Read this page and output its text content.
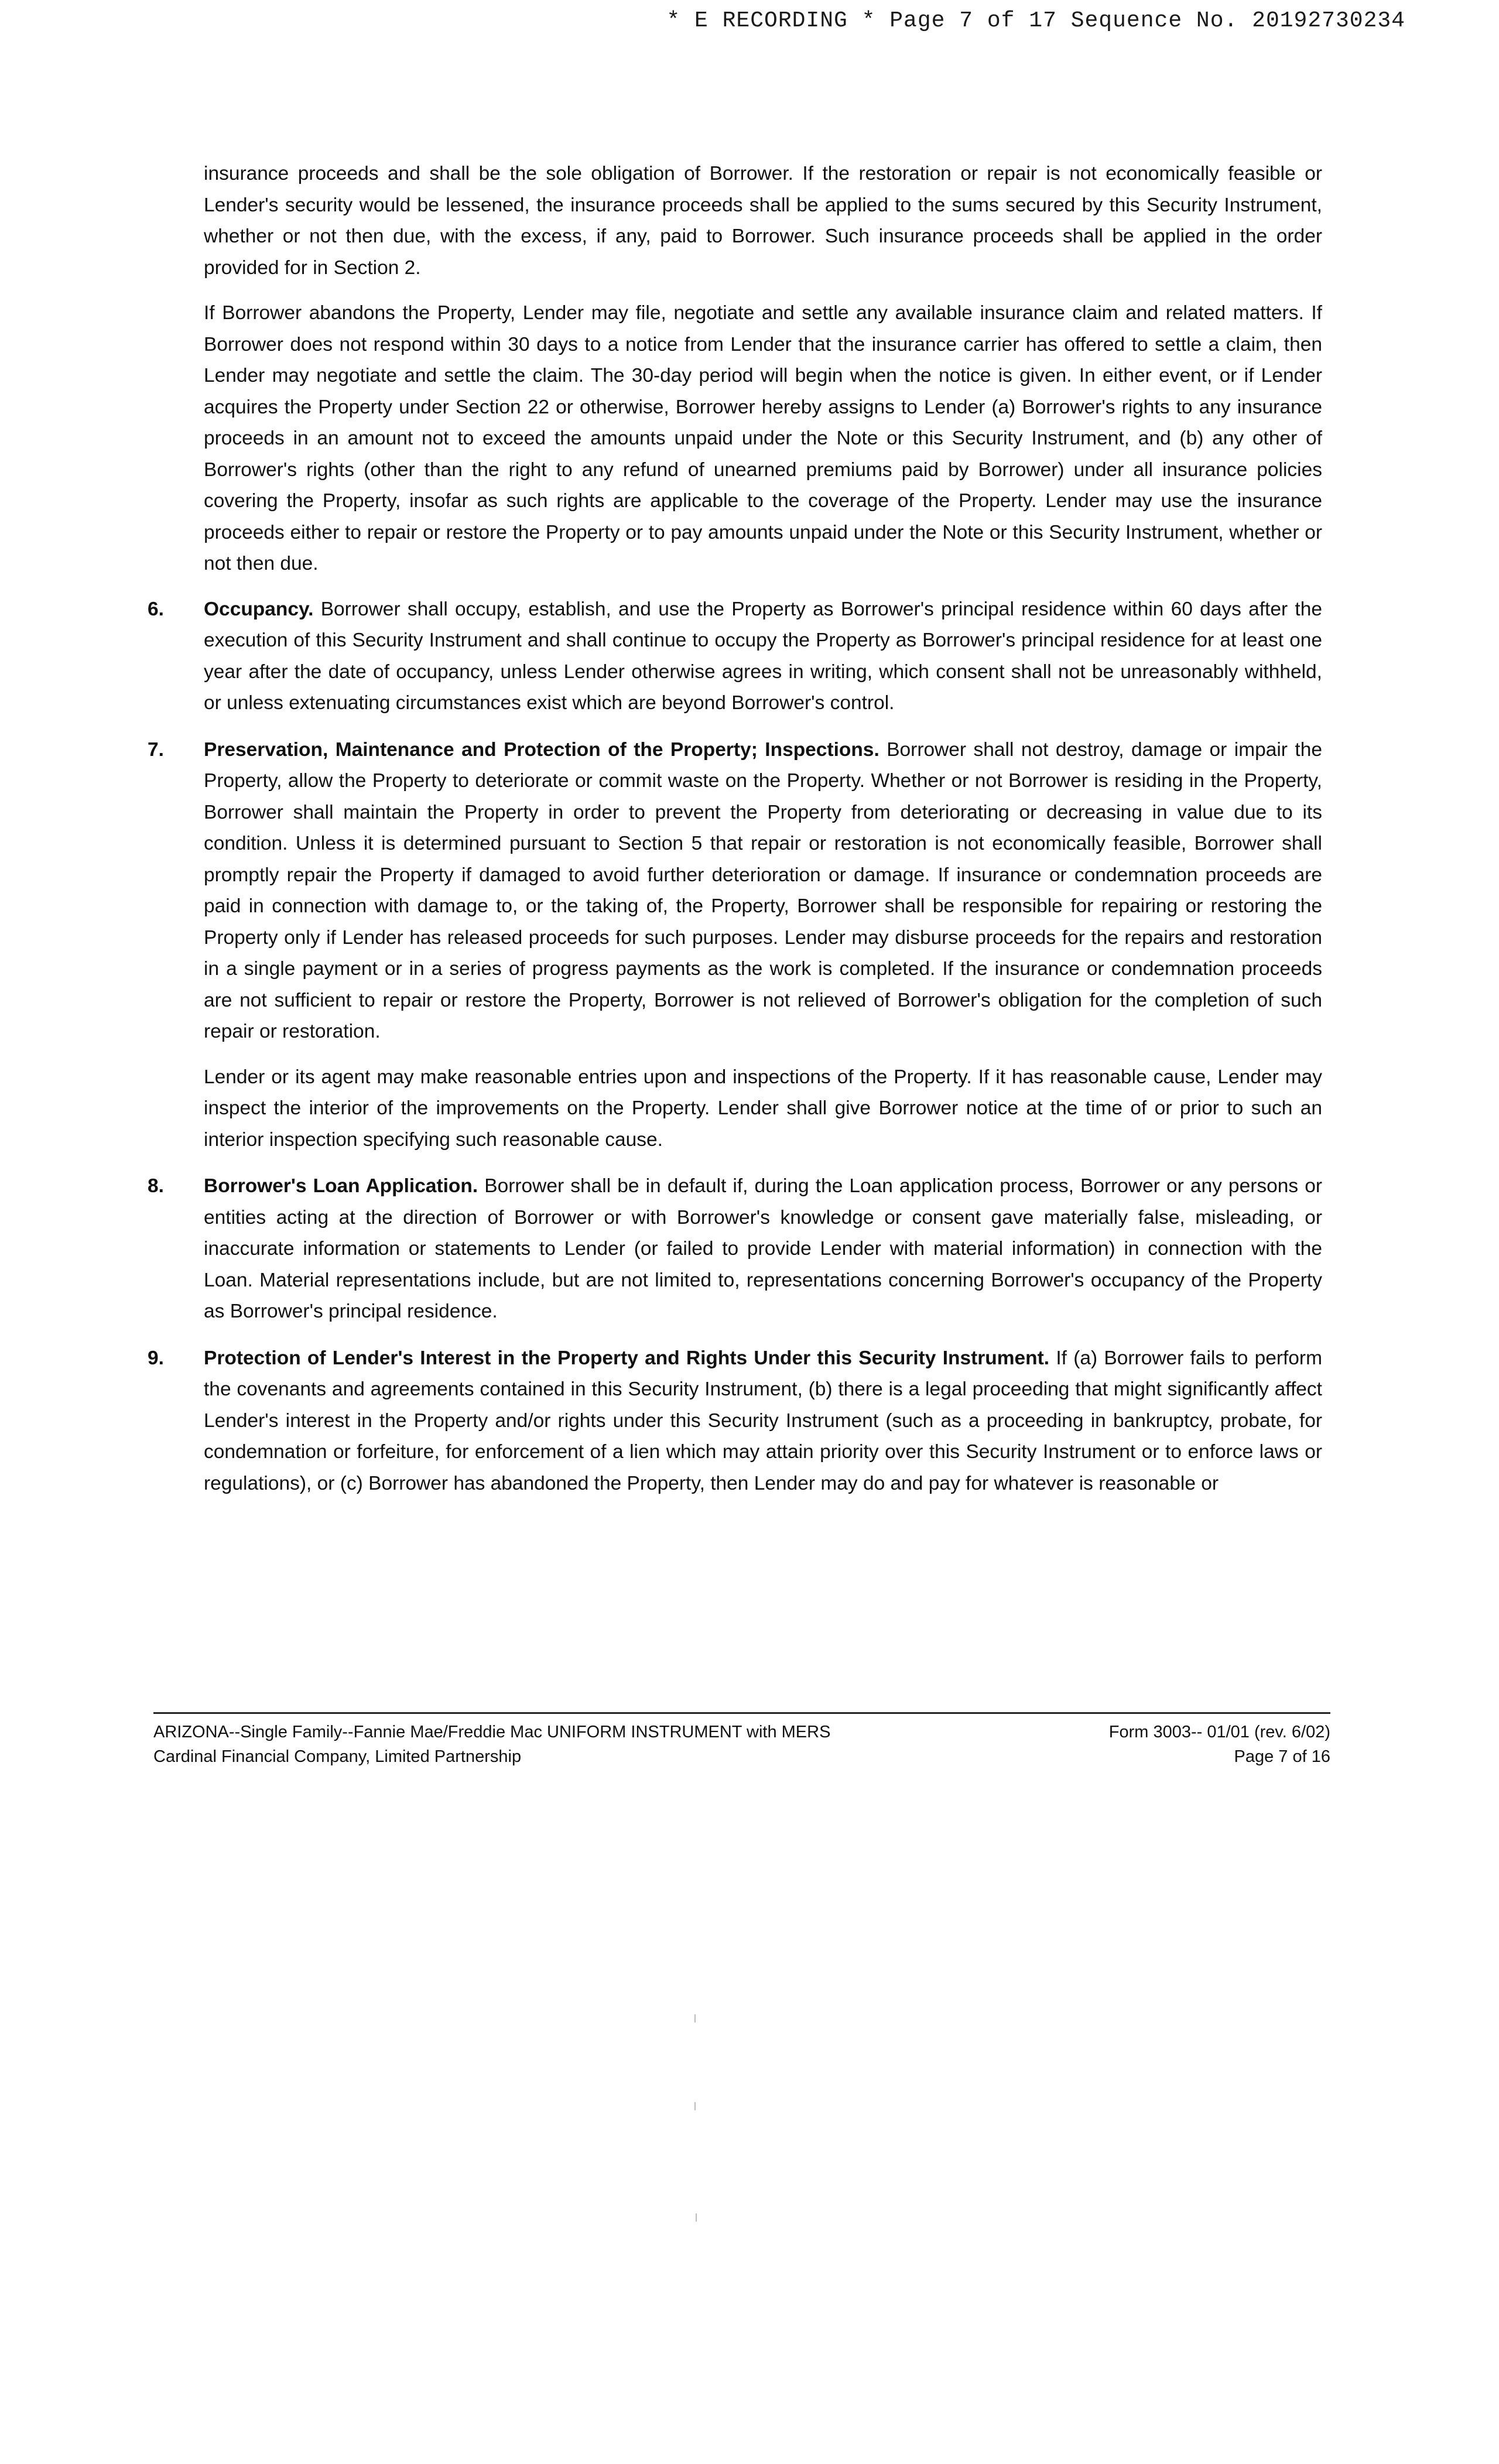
* E RECORDING * Page 7 of 17 Sequence No. 20192730234

insurance proceeds and shall be the sole obligation of Borrower. If the restoration or repair is not economically feasible or Lender's security would be lessened, the insurance proceeds shall be applied to the sums secured by this Security Instrument, whether or not then due, with the excess, if any, paid to Borrower. Such insurance proceeds shall be applied in the order provided for in Section 2.

If Borrower abandons the Property, Lender may file, negotiate and settle any available insurance claim and related matters. If Borrower does not respond within 30 days to a notice from Lender that the insurance carrier has offered to settle a claim, then Lender may negotiate and settle the claim. The 30-day period will begin when the notice is given. In either event, or if Lender acquires the Property under Section 22 or otherwise, Borrower hereby assigns to Lender (a) Borrower's rights to any insurance proceeds in an amount not to exceed the amounts unpaid under the Note or this Security Instrument, and (b) any other of Borrower's rights (other than the right to any refund of unearned premiums paid by Borrower) under all insurance policies covering the Property, insofar as such rights are applicable to the coverage of the Property. Lender may use the insurance proceeds either to repair or restore the Property or to pay amounts unpaid under the Note or this Security Instrument, whether or not then due.

6. Occupancy. Borrower shall occupy, establish, and use the Property as Borrower's principal residence within 60 days after the execution of this Security Instrument and shall continue to occupy the Property as Borrower's principal residence for at least one year after the date of occupancy, unless Lender otherwise agrees in writing, which consent shall not be unreasonably withheld, or unless extenuating circumstances exist which are beyond Borrower's control.

7. Preservation, Maintenance and Protection of the Property; Inspections. Borrower shall not destroy, damage or impair the Property, allow the Property to deteriorate or commit waste on the Property. Whether or not Borrower is residing in the Property, Borrower shall maintain the Property in order to prevent the Property from deteriorating or decreasing in value due to its condition. Unless it is determined pursuant to Section 5 that repair or restoration is not economically feasible, Borrower shall promptly repair the Property if damaged to avoid further deterioration or damage. If insurance or condemnation proceeds are paid in connection with damage to, or the taking of, the Property, Borrower shall be responsible for repairing or restoring the Property only if Lender has released proceeds for such purposes. Lender may disburse proceeds for the repairs and restoration in a single payment or in a series of progress payments as the work is completed. If the insurance or condemnation proceeds are not sufficient to repair or restore the Property, Borrower is not relieved of Borrower's obligation for the completion of such repair or restoration.

Lender or its agent may make reasonable entries upon and inspections of the Property. If it has reasonable cause, Lender may inspect the interior of the improvements on the Property. Lender shall give Borrower notice at the time of or prior to such an interior inspection specifying such reasonable cause.

8. Borrower's Loan Application. Borrower shall be in default if, during the Loan application process, Borrower or any persons or entities acting at the direction of Borrower or with Borrower's knowledge or consent gave materially false, misleading, or inaccurate information or statements to Lender (or failed to provide Lender with material information) in connection with the Loan. Material representations include, but are not limited to, representations concerning Borrower's occupancy of the Property as Borrower's principal residence.

9. Protection of Lender's Interest in the Property and Rights Under this Security Instrument. If (a) Borrower fails to perform the covenants and agreements contained in this Security Instrument, (b) there is a legal proceeding that might significantly affect Lender's interest in the Property and/or rights under this Security Instrument (such as a proceeding in bankruptcy, probate, for condemnation or forfeiture, for enforcement of a lien which may attain priority over this Security Instrument or to enforce laws or regulations), or (c) Borrower has abandoned the Property, then Lender may do and pay for whatever is reasonable or

ARIZONA--Single Family--Fannie Mae/Freddie Mac UNIFORM INSTRUMENT with MERS	Form 3003-- 01/01 (rev. 6/02)
Cardinal Financial Company, Limited Partnership	Page 7 of 16
